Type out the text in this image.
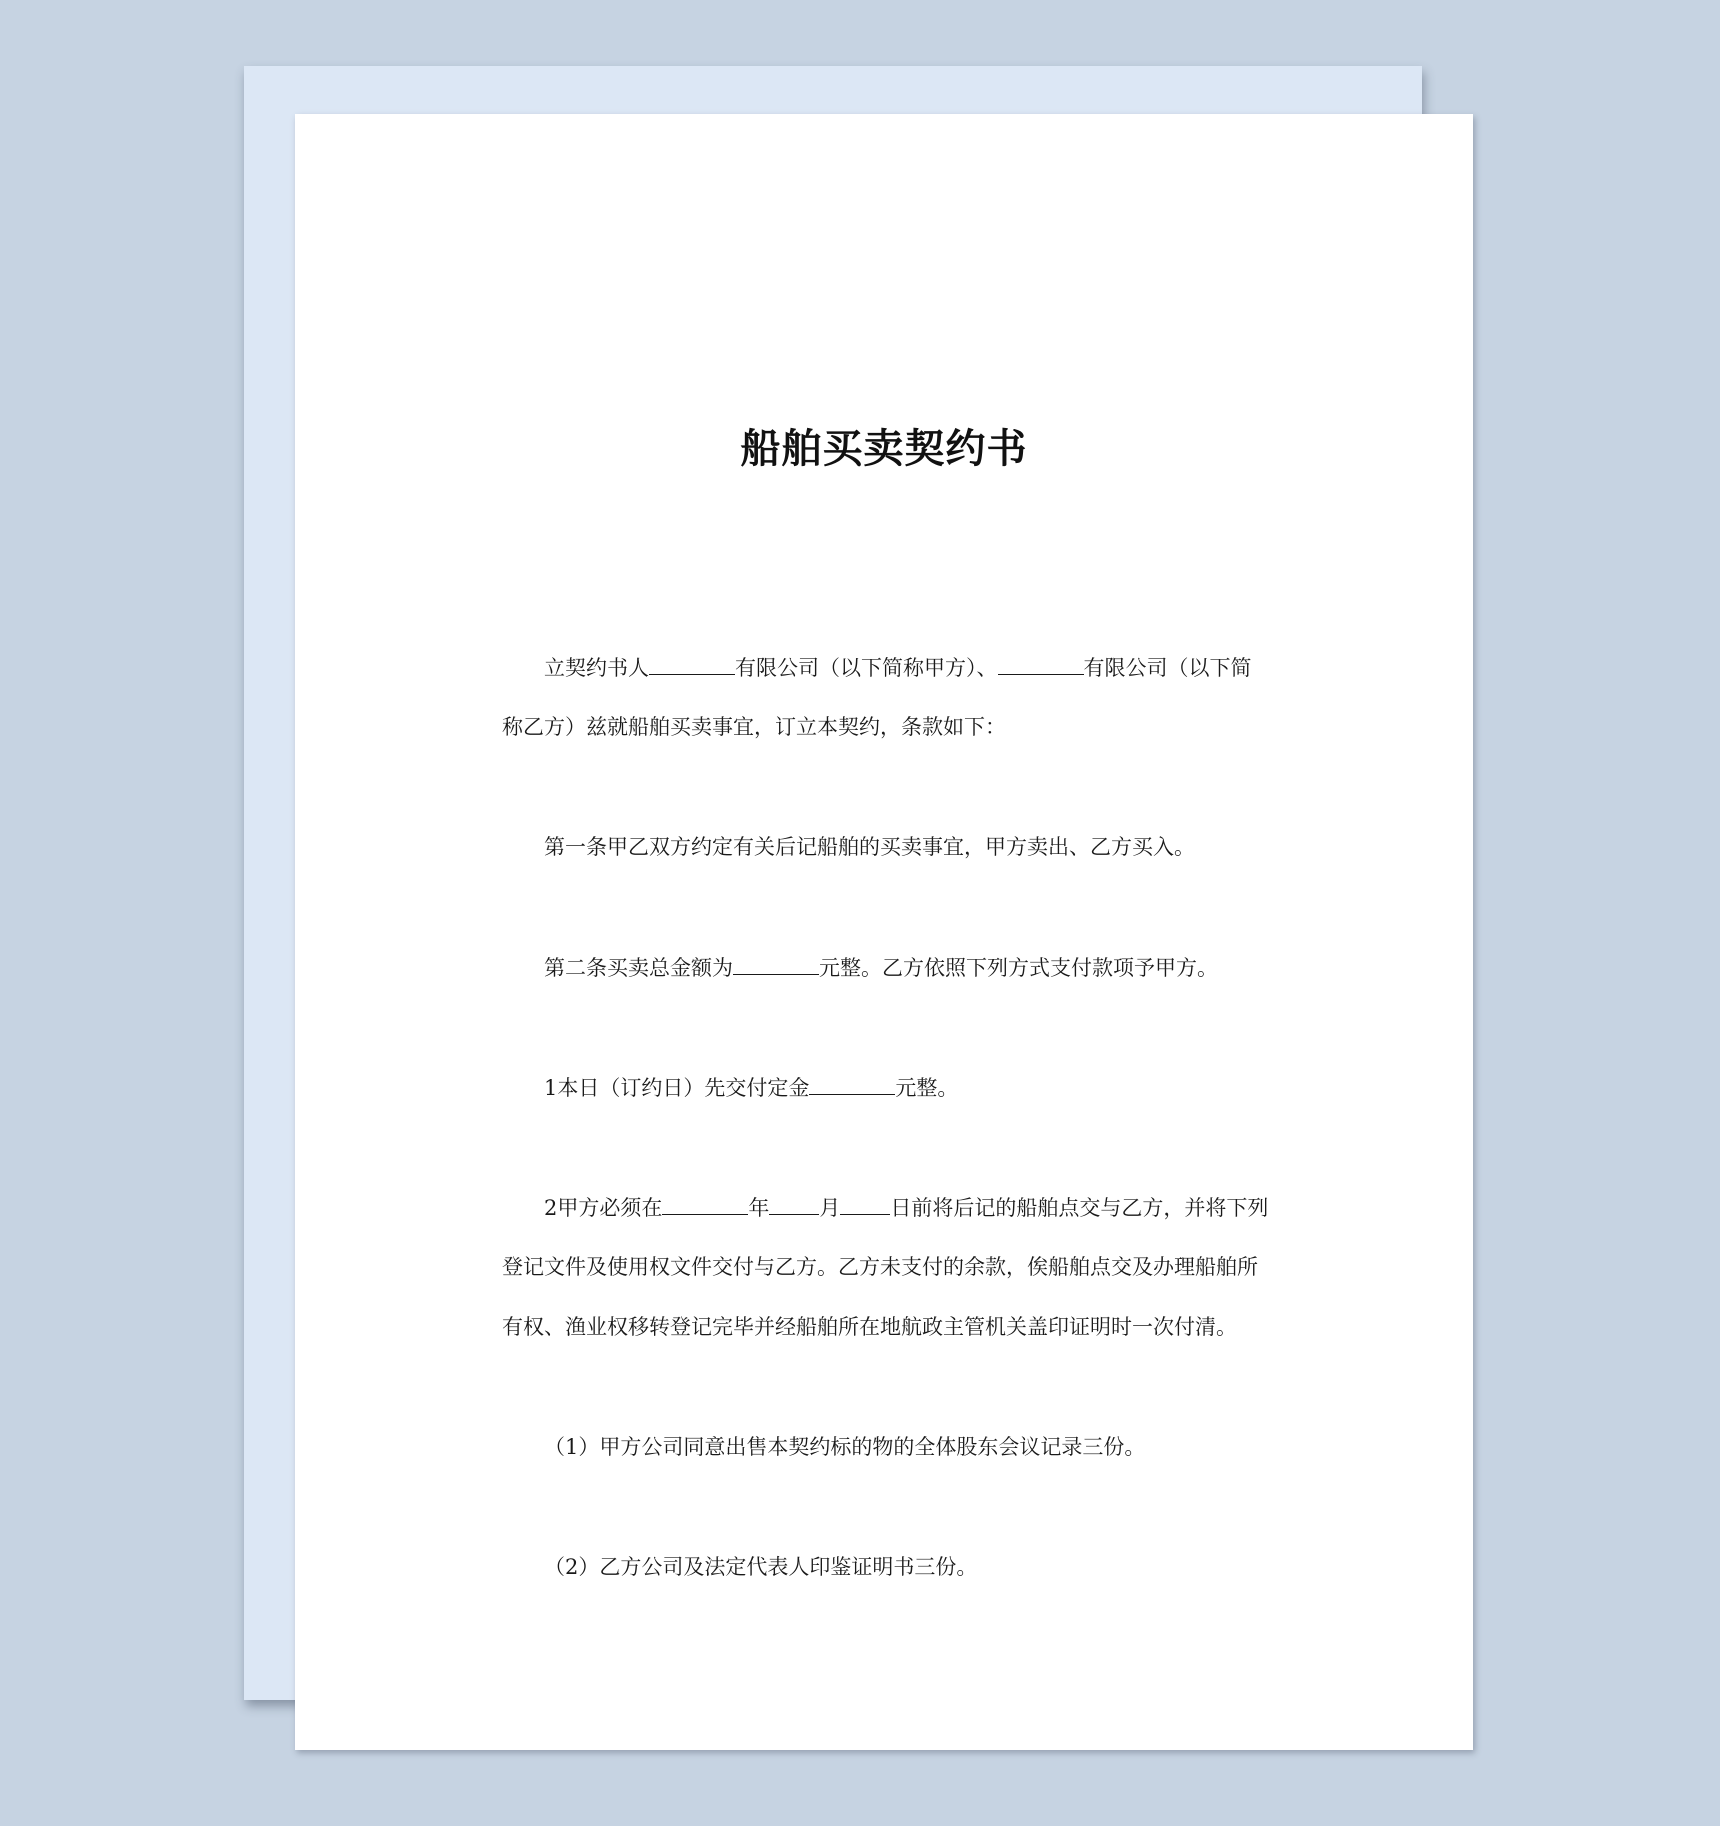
船舶买卖契约书
立契约书人	有限公司（以下简称甲方）、	有限公司（以下简
称乙方）兹就船舶买卖事宜，订立本契约，条款如下：
第一条甲乙双方约定有关后记船舶的买卖事宜，甲方卖出、乙方买入。
第二条买卖总金额为	元整。乙方依照下列方式支付款项予甲方。
1本日（订约日）先交付定金	元整。
2甲方必须在	年 月 日前将后记的船舶点交与乙方，并将下列
登记文件及使用权文件交付与乙方。乙方未支付的余款，俟船舶点交及办理船舶所
有权、渔业权移转登记完毕并经船舶所在地航政主管机关盖印证明时一次付清。
（1）甲方公司同意出售本契约标的物的全体股东会议记录三份。
（2）乙方公司及法定代表人印鉴证明书三份。
